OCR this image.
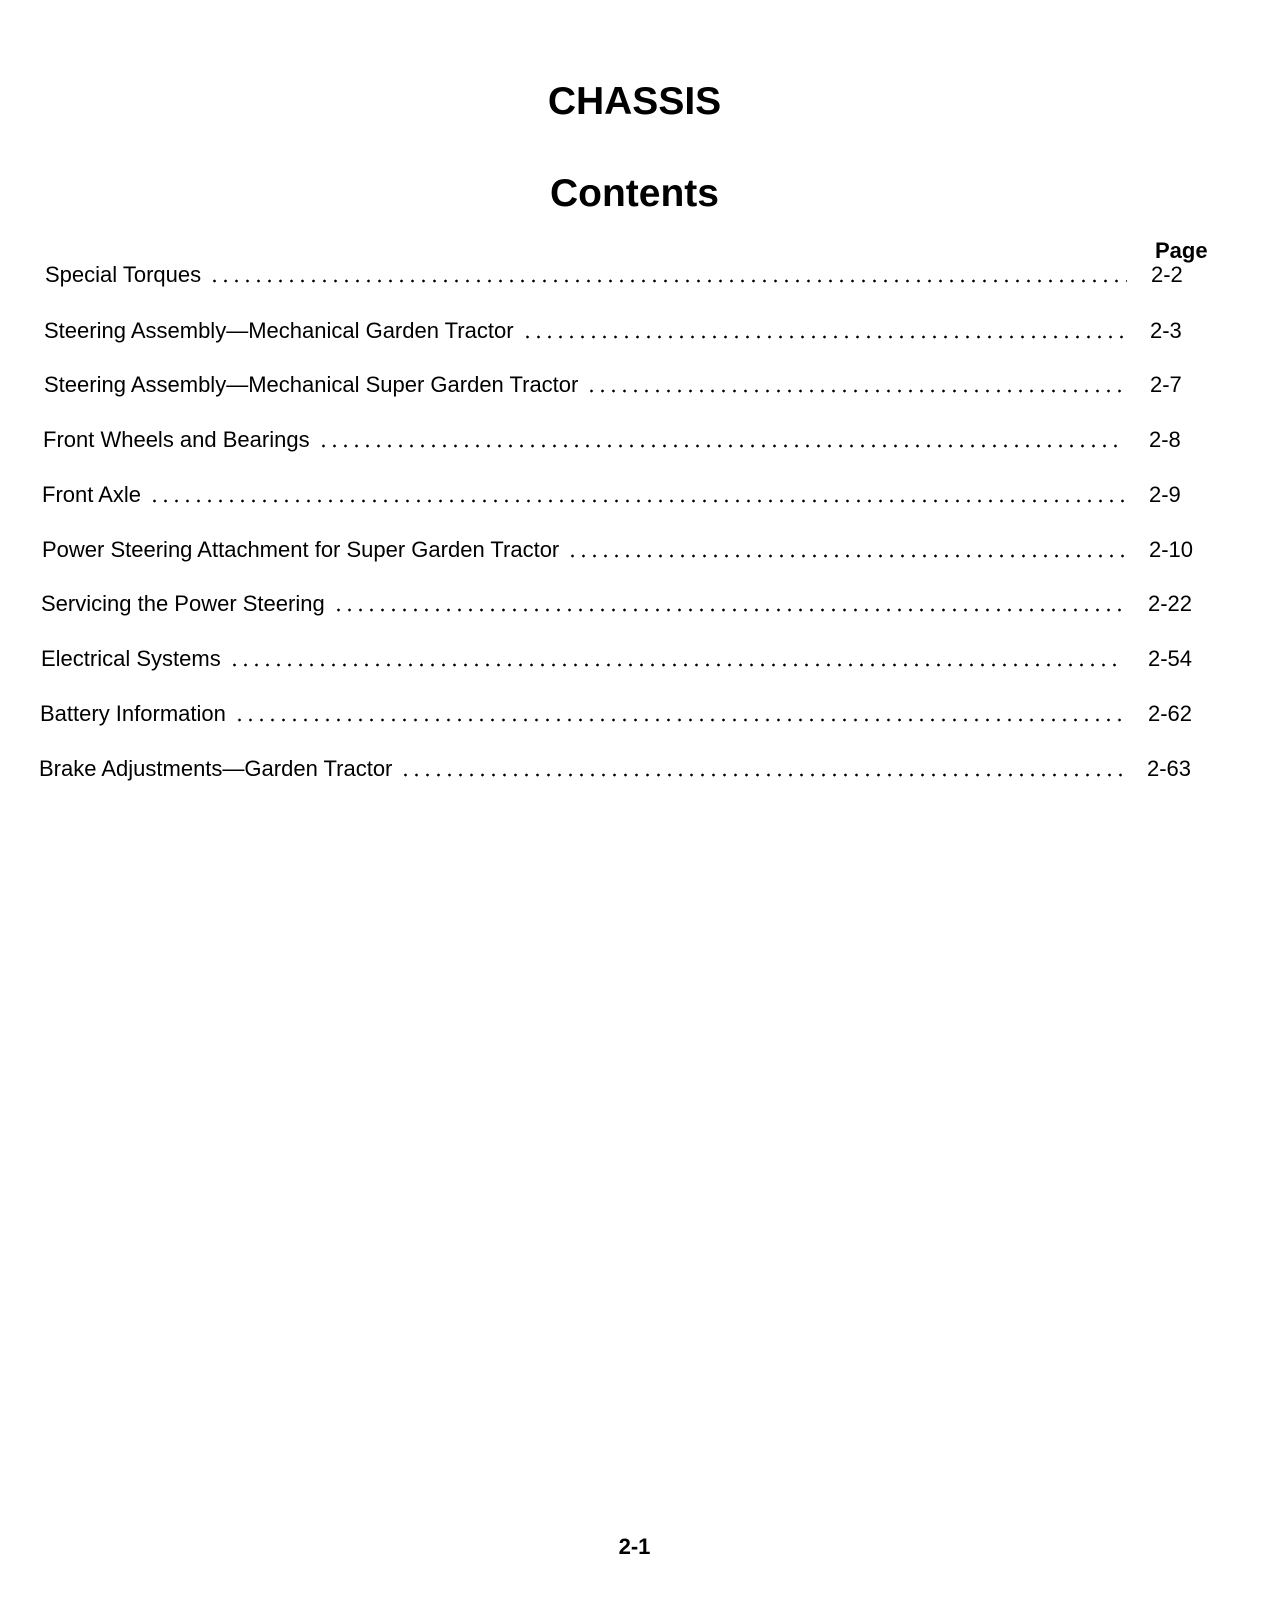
CHASSIS
Contents
Page
Special Torques	2-2
Steering Assembly—Mechanical Garden Tractor	2-3
Steering Assembly—Mechanical Super Garden Tractor	2-7
Front Wheels and Bearings	2-8
Front Axle	2-9
Power Steering Attachment for Super Garden Tractor	2-10
Servicing the Power Steering	2-22
Electrical Systems	2-54
Battery Information	2-62
Brake Adjustments—Garden Tractor	2-63
2-1
